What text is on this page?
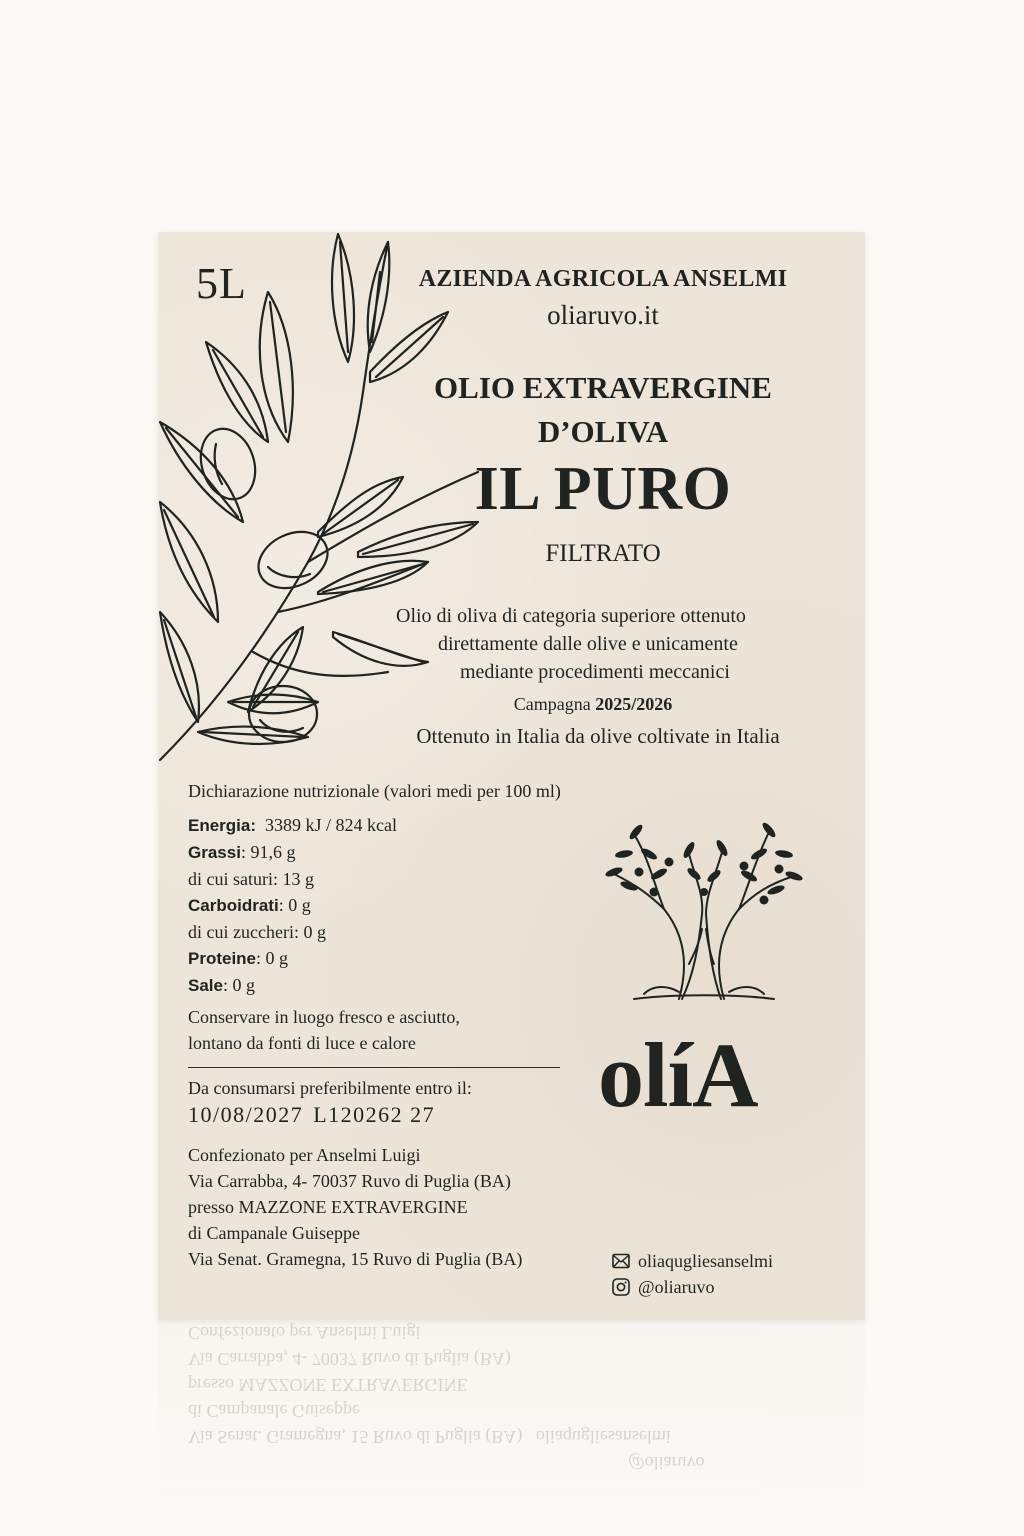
5L	AZIENDA AGRICOLA ANSELMI
oliaruvo.it
OLIO EXTRAVERGINE
D’OLIVA
IL PURO
FILTRATO
Olio di oliva di categoria superiore ottenuto
direttamente dalle olive e unicamente
mediante procedimenti meccanici
Campagna 2025/2026
Ottenuto in Italia da olive coltivate in Italia
Dichiarazione nutrizionale (valori medi per 100 ml)
Energia: 3389 kJ / 824 kcal
Grassi: 91,6 g
di cui saturi: 13 g
Carboidrati: 0 g
di cui zuccheri: 0 g
Proteine: 0 g
Sale: 0 g
Conservare in luogo fresco e asciutto,
lontano da fonti di luce e calore
Da consumarsi preferibilmente entro il:
10/08/2027 L120262 27
Confezionato per Anselmi Luigi
Via Carrabba, 4- 70037 Ruvo di Puglia (BA)
presso MAZZONE EXTRAVERGINE
di Campanale Guiseppe
Via Senat. Gramegna, 15 Ruvo di Puglia (BA)
olíA
oliaqugliesanselmi
@oliaruvo
@oliaruvo
Via Senat. Gramegna, 15 Ruvo di Puglia (BA) oliaqugliesanselmi
di Campanale Guiseppe
presso MAZZONE EXTRAVERGINE
Via Carrabba, 4- 70037 Ruvo di Puglia (BA)
Confezionato per Anselmi Luigi
